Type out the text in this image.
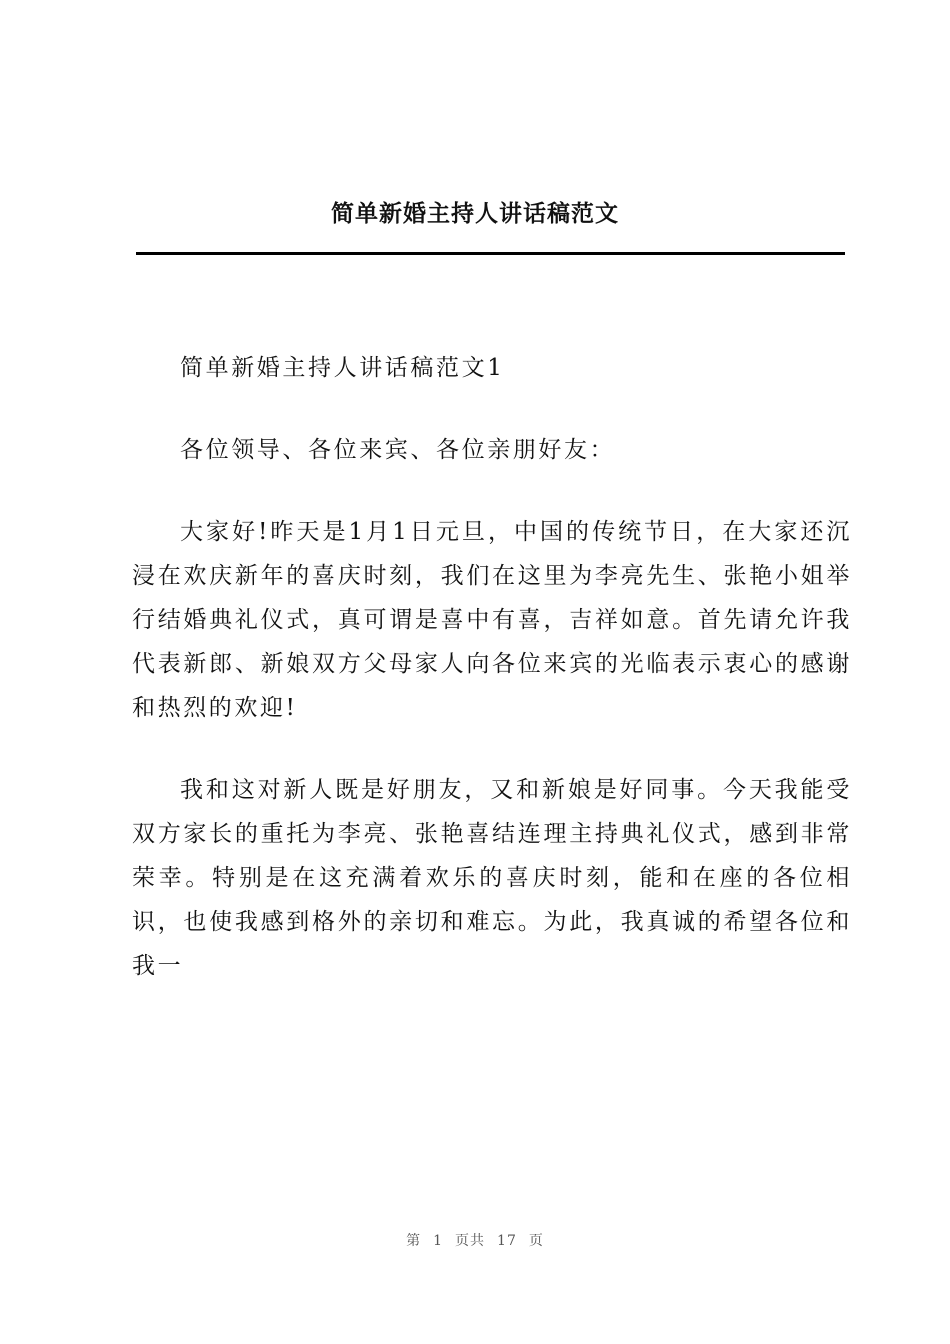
简单新婚主持人讲话稿范文

简单新婚主持人讲话稿范文1

各位领导、各位来宾、各位亲朋好友：

大家好!昨天是1月1日元旦，中国的传统节日，在大家还沉浸在欢庆新年的喜庆时刻，我们在这里为李亮先生、张艳小姐举行结婚典礼仪式，真可谓是喜中有喜，吉祥如意。首先请允许我代表新郎、新娘双方父母家人向各位来宾的光临表示衷心的感谢和热烈的欢迎!

我和这对新人既是好朋友，又和新娘是好同事。今天我能受双方家长的重托为李亮、张艳喜结连理主持典礼仪式，感到非常荣幸。特别是在这充满着欢乐的喜庆时刻，能和在座的各位相识，也使我感到格外的亲切和难忘。为此，我真诚的希望各位和我一

第 1 页共 17 页
